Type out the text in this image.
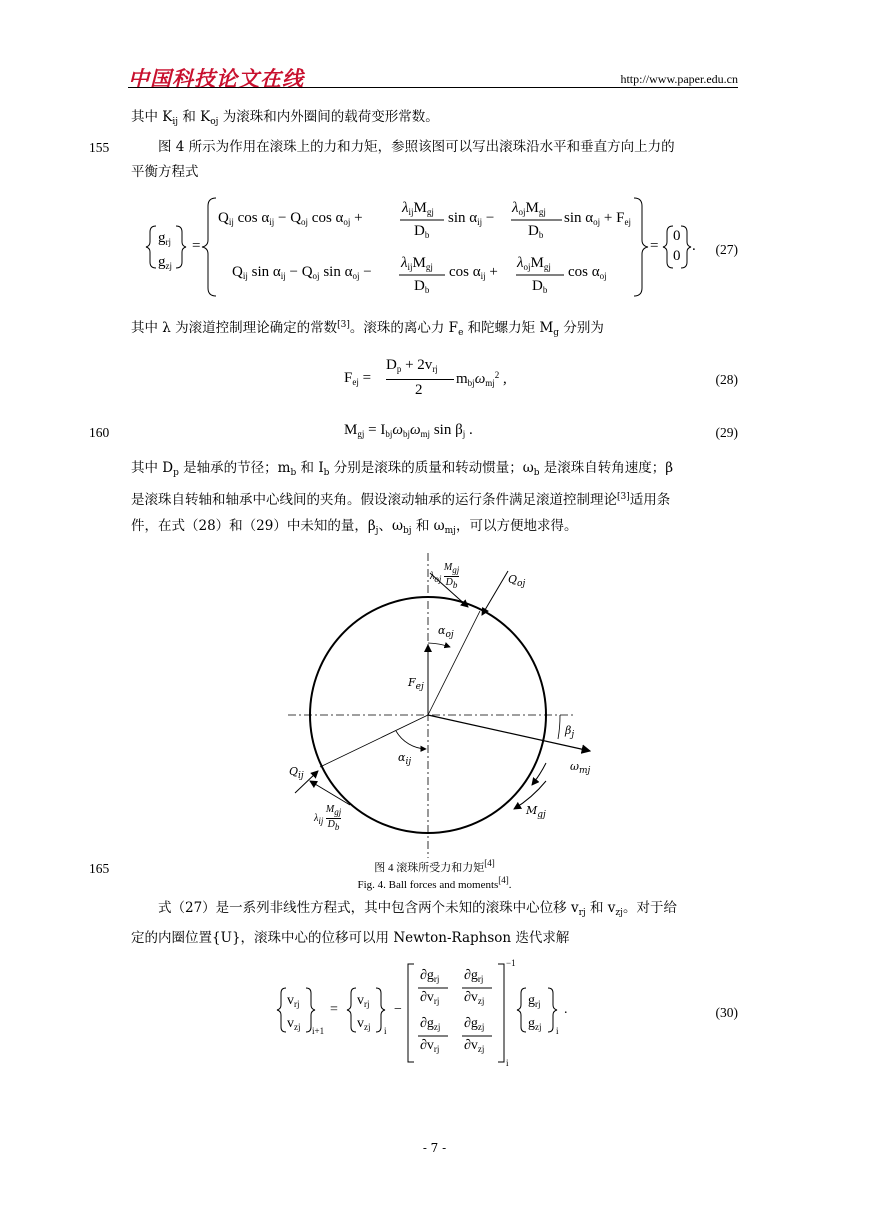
中国科技论文在线	http://www.paper.edu.cn
其中 $K_{ij}$ 和 $K_{oj}$ 为滚珠和内外圈间的载荷变形常数。
155	图 4 所示为作用在滚珠上的力和力矩，参照该图可以写出滚珠沿水平和垂直方向上力的
平衡方程式
$g_{rj}$
$g_{zj}$
=
$Q_{ij}$ $\cos \alpha_{ij} - Q_{oj}$ $\cos \alpha_{oj}$ +
$\lambda_{ij}M_{gj}$
$D_b$
$\sin \alpha_{ij}$ −
$\lambda_{oj}M_{gj}$
$D_b$
$\sin \alpha_{oj} + F_{ej}$
$Q_{ij}$ $\sin \alpha_{ij} - Q_{oj}$ $\sin \alpha_{oj}$ −
$\lambda_{ij}M_{gj}$
$D_b$
$\cos \alpha_{ij}$ +
$\lambda_{oj}M_{gj}$
$D_b$
$\cos \alpha_{oj}$
=
0
0
. (27)
其中 λ 为滚道控制理论确定的常数[3]。滚珠的离心力 $F_e$ 和陀螺力矩 $M_g$ 分别为
$F_{ej}$ =
$D_p + 2v_{rj}$
2
$m_{bj}\omega_{mj}^2$ ,	(28)
160	$M_{gj} = I_{bj}\omega_{bj}\omega_{mj}$ $\sin \beta_j$ .	(29)
其中 $D_p$ 是轴承的节径；$m_b$ 和 $I_b$ 分别是滚珠的质量和转动惯量；$\omega_b$ 是滚珠自转角速度；β
是滚珠自转轴和轴承中心线间的夹角。假设滚动轴承的运行条件满足滚道控制理论[3]适用条
件，在式（28）和（29）中未知的量，$\beta_j$、$\omega_{bj}$ 和 $\omega_{mj}$，可以方便地求得。
λoj
Mgj
Db	$Q_{oj}$
$\alpha_{oj}$
$F_{ej}$
$\beta_j$
$\alpha_{ij}$
$Q_{ij}$
$\omega_{mj}$
λij
Mgj
Db
$M_{gj}$
165	图 4 滚珠所受力和力矩[4]
Fig. 4. Ball forces and moments[4].
式（27）是一系列非线性方程式，其中包含两个未知的滚珠中心位移 $v_{rj}$ 和 $v_{zj}$。对于给
定的内圈位置{U}，滚珠中心的位移可以用 Newton-Raphson 迭代求解
$v_{rj}$
$v_{zj}$ i+1
=
$v_{rj}$
$v_{zj}$ i
−
$\partial g_{rj}$
$\partial v_{rj}$
$\partial g_{rj}$
$\partial v_{zj}$
$\partial g_{zj}$
$\partial v_{rj}$
$\partial g_{zj}$
$\partial v_{zj}$
−1
i
$g_{rj}$
$g_{zj}$ i
.	(30)
- 7 -
